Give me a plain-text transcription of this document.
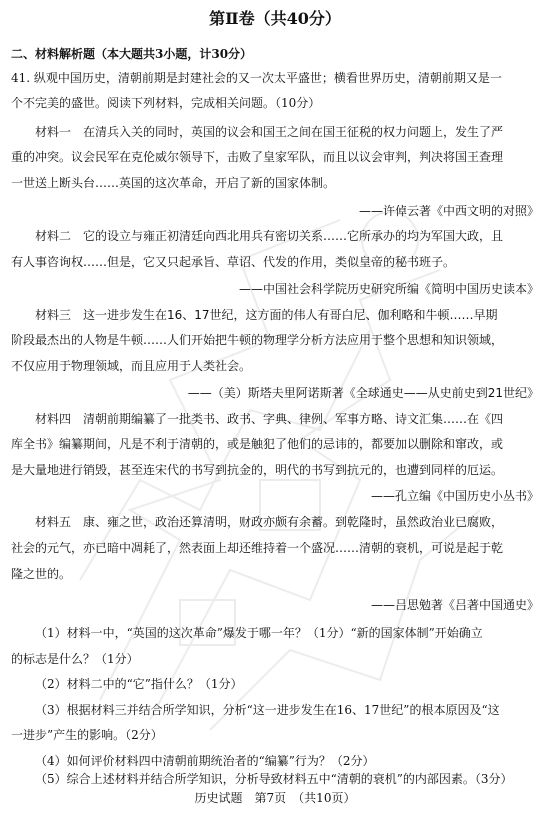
第Ⅱ卷（共40分）
二、材料解析题（本大题共3小题，计30分）
41. 纵观中国历史，清朝前期是封建社会的又一次太平盛世；横看世界历史，清朝前期又是一
个不完美的盛世。阅读下列材料，完成相关问题。（10分）
材料一　在清兵入关的同时，英国的议会和国王之间在国王征税的权力问题上，发生了严
重的冲突。议会民军在克伦威尔领导下，击败了皇家军队，而且以议会审判，判决将国王查理
一世送上断头台……英国的这次革命，开启了新的国家体制。
——许倬云著《中西文明的对照》
材料二　它的设立与雍正初清廷向西北用兵有密切关系……它所承办的均为军国大政，且
有人事咨询权……但是，它又只起承旨、草诏、代发的作用，类似皇帝的秘书班子。
——中国社会科学院历史研究所编《简明中国历史读本》
材料三　这一进步发生在16、17世纪，这方面的伟人有哥白尼、伽利略和牛顿……早期
阶段最杰出的人物是牛顿……人们开始把牛顿的物理学分析方法应用于整个思想和知识领域，
不仅应用于物理领域，而且应用于人类社会。
——（美）斯塔夫里阿诺斯著《全球通史——从史前史到21世纪》
材料四　清朝前期编纂了一批类书、政书、字典、律例、军事方略、诗文汇集……在《四
库全书》编纂期间，凡是不利于清朝的，或是触犯了他们的忌讳的，都要加以删除和窜改，或
是大量地进行销毁，甚至连宋代的书写到抗金的，明代的书写到抗元的，也遭到同样的厄运。
——孔立编《中国历史小丛书》
材料五　康、雍之世，政治还算清明，财政亦颇有余蓄。到乾隆时，虽然政治业已腐败，
社会的元气，亦已暗中凋耗了，然表面上却还维持着一个盛况……清朝的衰机，可说是起于乾
隆之世的。
——吕思勉著《吕著中国通史》
（1）材料一中，“英国的这次革命”爆发于哪一年？（1分）“新的国家体制”开始确立
的标志是什么？（1分）
（2）材料二中的“它”指什么？（1分）
（3）根据材料三并结合所学知识，分析“这一进步发生在16、17世纪”的根本原因及“这
一进步”产生的影响。（2分）
（4）如何评价材料四中清朝前期统治者的“编纂”行为？（2分）
（5）综合上述材料并结合所学知识，分析导致材料五中“清朝的衰机”的内部因素。（3分）
历史试题　第7页　（共10页）
